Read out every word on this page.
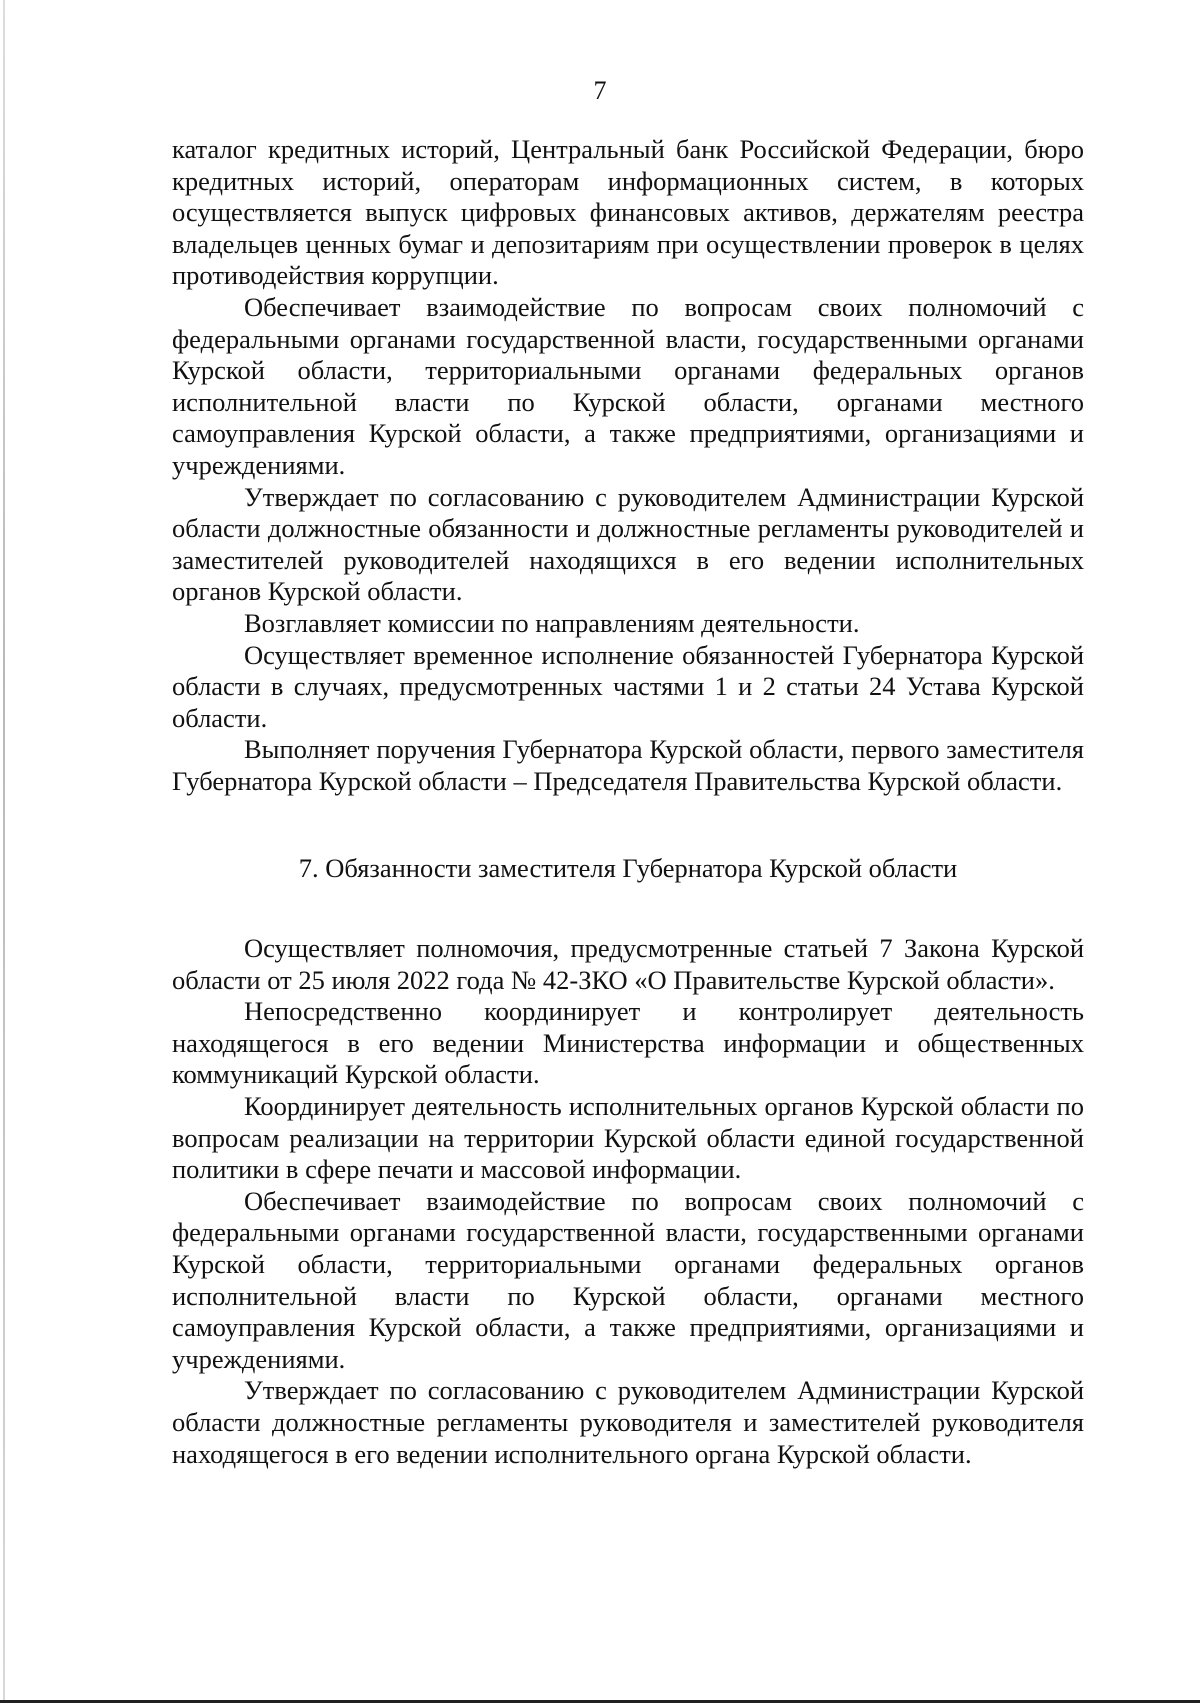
7

каталог кредитных историй, Центральный банк Российской Федерации, бюро кредитных историй, операторам информационных систем, в которых осуществляется выпуск цифровых финансовых активов, держателям реестра владельцев ценных бумаг и депозитариям при осуществлении проверок в целях противодействия коррупции.

Обеспечивает взаимодействие по вопросам своих полномочий с федеральными органами государственной власти, государственными органами Курской области, территориальными органами федеральных органов исполнительной власти по Курской области, органами местного самоуправления Курской области, а также предприятиями, организациями и учреждениями.

Утверждает по согласованию с руководителем Администрации Курской области должностные обязанности и должностные регламенты руководителей и заместителей руководителей находящихся в его ведении исполнительных органов Курской области.

Возглавляет комиссии по направлениям деятельности.

Осуществляет временное исполнение обязанностей Губернатора Курской области в случаях, предусмотренных частями 1 и 2 статьи 24 Устава Курской области.

Выполняет поручения Губернатора Курской области, первого заместителя Губернатора Курской области – Председателя Правительства Курской области.

7. Обязанности заместителя Губернатора Курской области

Осуществляет полномочия, предусмотренные статьей 7 Закона Курской области от 25 июля 2022 года № 42-ЗКО «О Правительстве Курской области».

Непосредственно координирует и контролирует деятельность находящегося в его ведении Министерства информации и общественных коммуникаций Курской области.

Координирует деятельность исполнительных органов Курской области по вопросам реализации на территории Курской области единой государственной политики в сфере печати и массовой информации.

Обеспечивает взаимодействие по вопросам своих полномочий с федеральными органами государственной власти, государственными органами Курской области, территориальными органами федеральных органов исполнительной власти по Курской области, органами местного самоуправления Курской области, а также предприятиями, организациями и учреждениями.

Утверждает по согласованию с руководителем Администрации Курской области должностные регламенты руководителя и заместителей руководителя находящегося в его ведении исполнительного органа Курской области.
